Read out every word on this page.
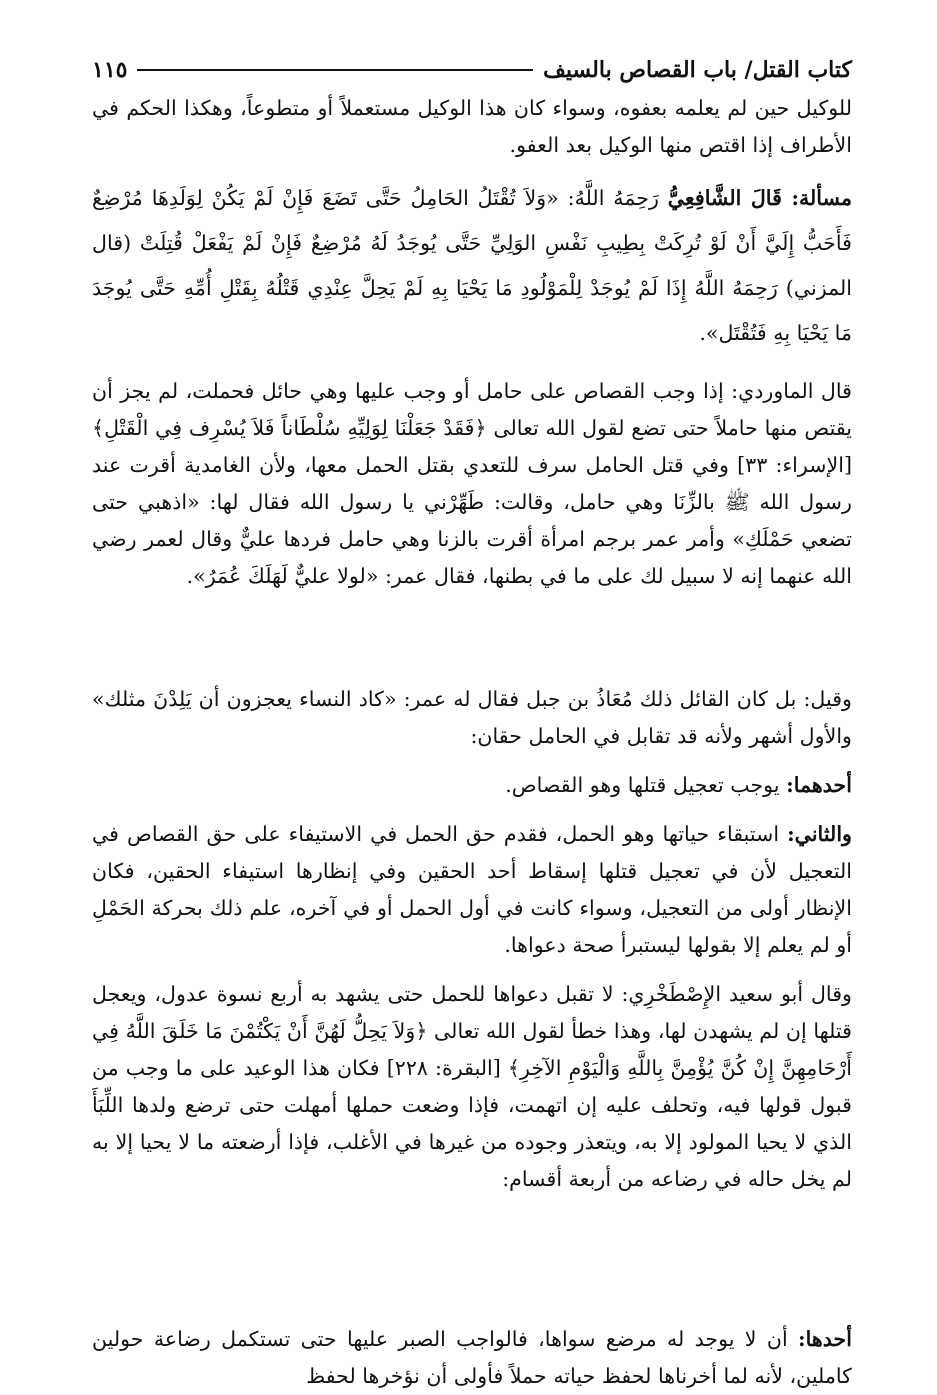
كتاب القتل/ باب القصاص بالسيف
١١٥

للوكيل حين لم يعلمه بعفوه، وسواء كان هذا الوكيل مستعملاً أو متطوعاً، وهكذا الحكم في الأطراف إذا اقتص منها الوكيل بعد العفو.

مسألة: قَالَ الشَّافِعِيُّ رَحِمَهُ اللَّهُ: «وَلاَ تُقْتَلُ الحَامِلُ حَتَّى تَضَعَ فَإِنْ لَمْ يَكُنْ لِوَلَدِهَا مُرْضِعٌ فَأَحَبُّ إِلَيَّ أَنْ لَوْ تُرِكَتْ بِطِيبِ نَفْسِ الوَلِيِّ حَتَّى يُوجَدُ لَهُ مُرْضِعٌ فَإِنْ لَمْ يَفْعَلْ قُتِلَتْ (قال المزني) رَحِمَهُ اللَّهُ إِذَا لَمْ يُوجَدْ لِلْمَوْلُودِ مَا يَحْيَا بِهِ لَمْ يَحِلَّ عِنْدِي قَتْلُهُ بِقَتْلِ أُمِّهِ حَتَّى يُوجَدَ مَا يَحْيَا بِهِ فَتُقْتَل».

قال الماوردي: إذا وجب القصاص على حامل أو وجب عليها وهي حائل فحملت، لم يجز أن يقتص منها حاملاً حتى تضع لقول الله تعالى ﴿فَقَدْ جَعَلْنَا لِوَلِيِّهِ سُلْطَاناً فَلاَ يُسْرِف فِي الْقَتْلِ﴾ [الإسراء: ٣٣] وفي قتل الحامل سرف للتعدي بقتل الحمل معها، ولأن الغامدية أقرت عند رسول الله ﷺ بالزِّنَا وهي حامل، وقالت: طَهِّرْني يا رسول الله فقال لها: «اذهبي حتى تضعي حَمْلَكِ» وأمر عمر برجم امرأة أقرت بالزنا وهي حامل فردها عليٌّ وقال لعمر رضي الله عنهما إنه لا سبيل لك على ما في بطنها، فقال عمر: «لولا عليٌّ لَهَلَكَ عُمَرُ».

وقيل: بل كان القائل ذلك مُعَاذُ بن جبل فقال له عمر: «كاد النساء يعجزون أن يَلِدْنَ مثلك» والأول أشهر ولأنه قد تقابل في الحامل حقان:

أحدهما: يوجب تعجيل قتلها وهو القصاص.

والثاني: استبقاء حياتها وهو الحمل، فقدم حق الحمل في الاستيفاء على حق القصاص في التعجيل لأن في تعجيل قتلها إسقاط أحد الحقين وفي إنظارها استيفاء الحقين، فكان الإنظار أولى من التعجيل، وسواء كانت في أول الحمل أو في آخره، علم ذلك بحركة الحَمْلِ أو لم يعلم إلا بقولها ليستبرأ صحة دعواها.

وقال أبو سعيد الإِصْطَخْرِي: لا تقبل دعواها للحمل حتى يشهد به أربع نسوة عدول، ويعجل قتلها إن لم يشهدن لها، وهذا خطأ لقول الله تعالى ﴿وَلاَ يَحِلُّ لَهُنَّ أَنْ يَكْتُمْنَ مَا خَلَقَ اللَّهُ فِي أَرْحَامِهِنَّ إِنْ كُنَّ يُؤْمِنَّ بِاللَّهِ وَالْيَوْمِ الآخِرِ﴾ [البقرة: ٢٢٨] فكان هذا الوعيد على ما وجب من قبول قولها فيه، وتحلف عليه إن اتهمت، فإذا وضعت حملها أمهلت حتى ترضع ولدها اللِّبَأَ الذي لا يحيا المولود إلا به، ويتعذر وجوده من غيرها في الأغلب، فإذا أرضعته ما لا يحيا إلا به لم يخل حاله في رضاعه من أربعة أقسام:

أحدها: أن لا يوجد له مرضع سواها، فالواجب الصبر عليها حتى تستكمل رضاعة حولين كاملين، لأنه لما أخرناها لحفظ حياته حملاً فأولى أن نؤخرها لحفظ
